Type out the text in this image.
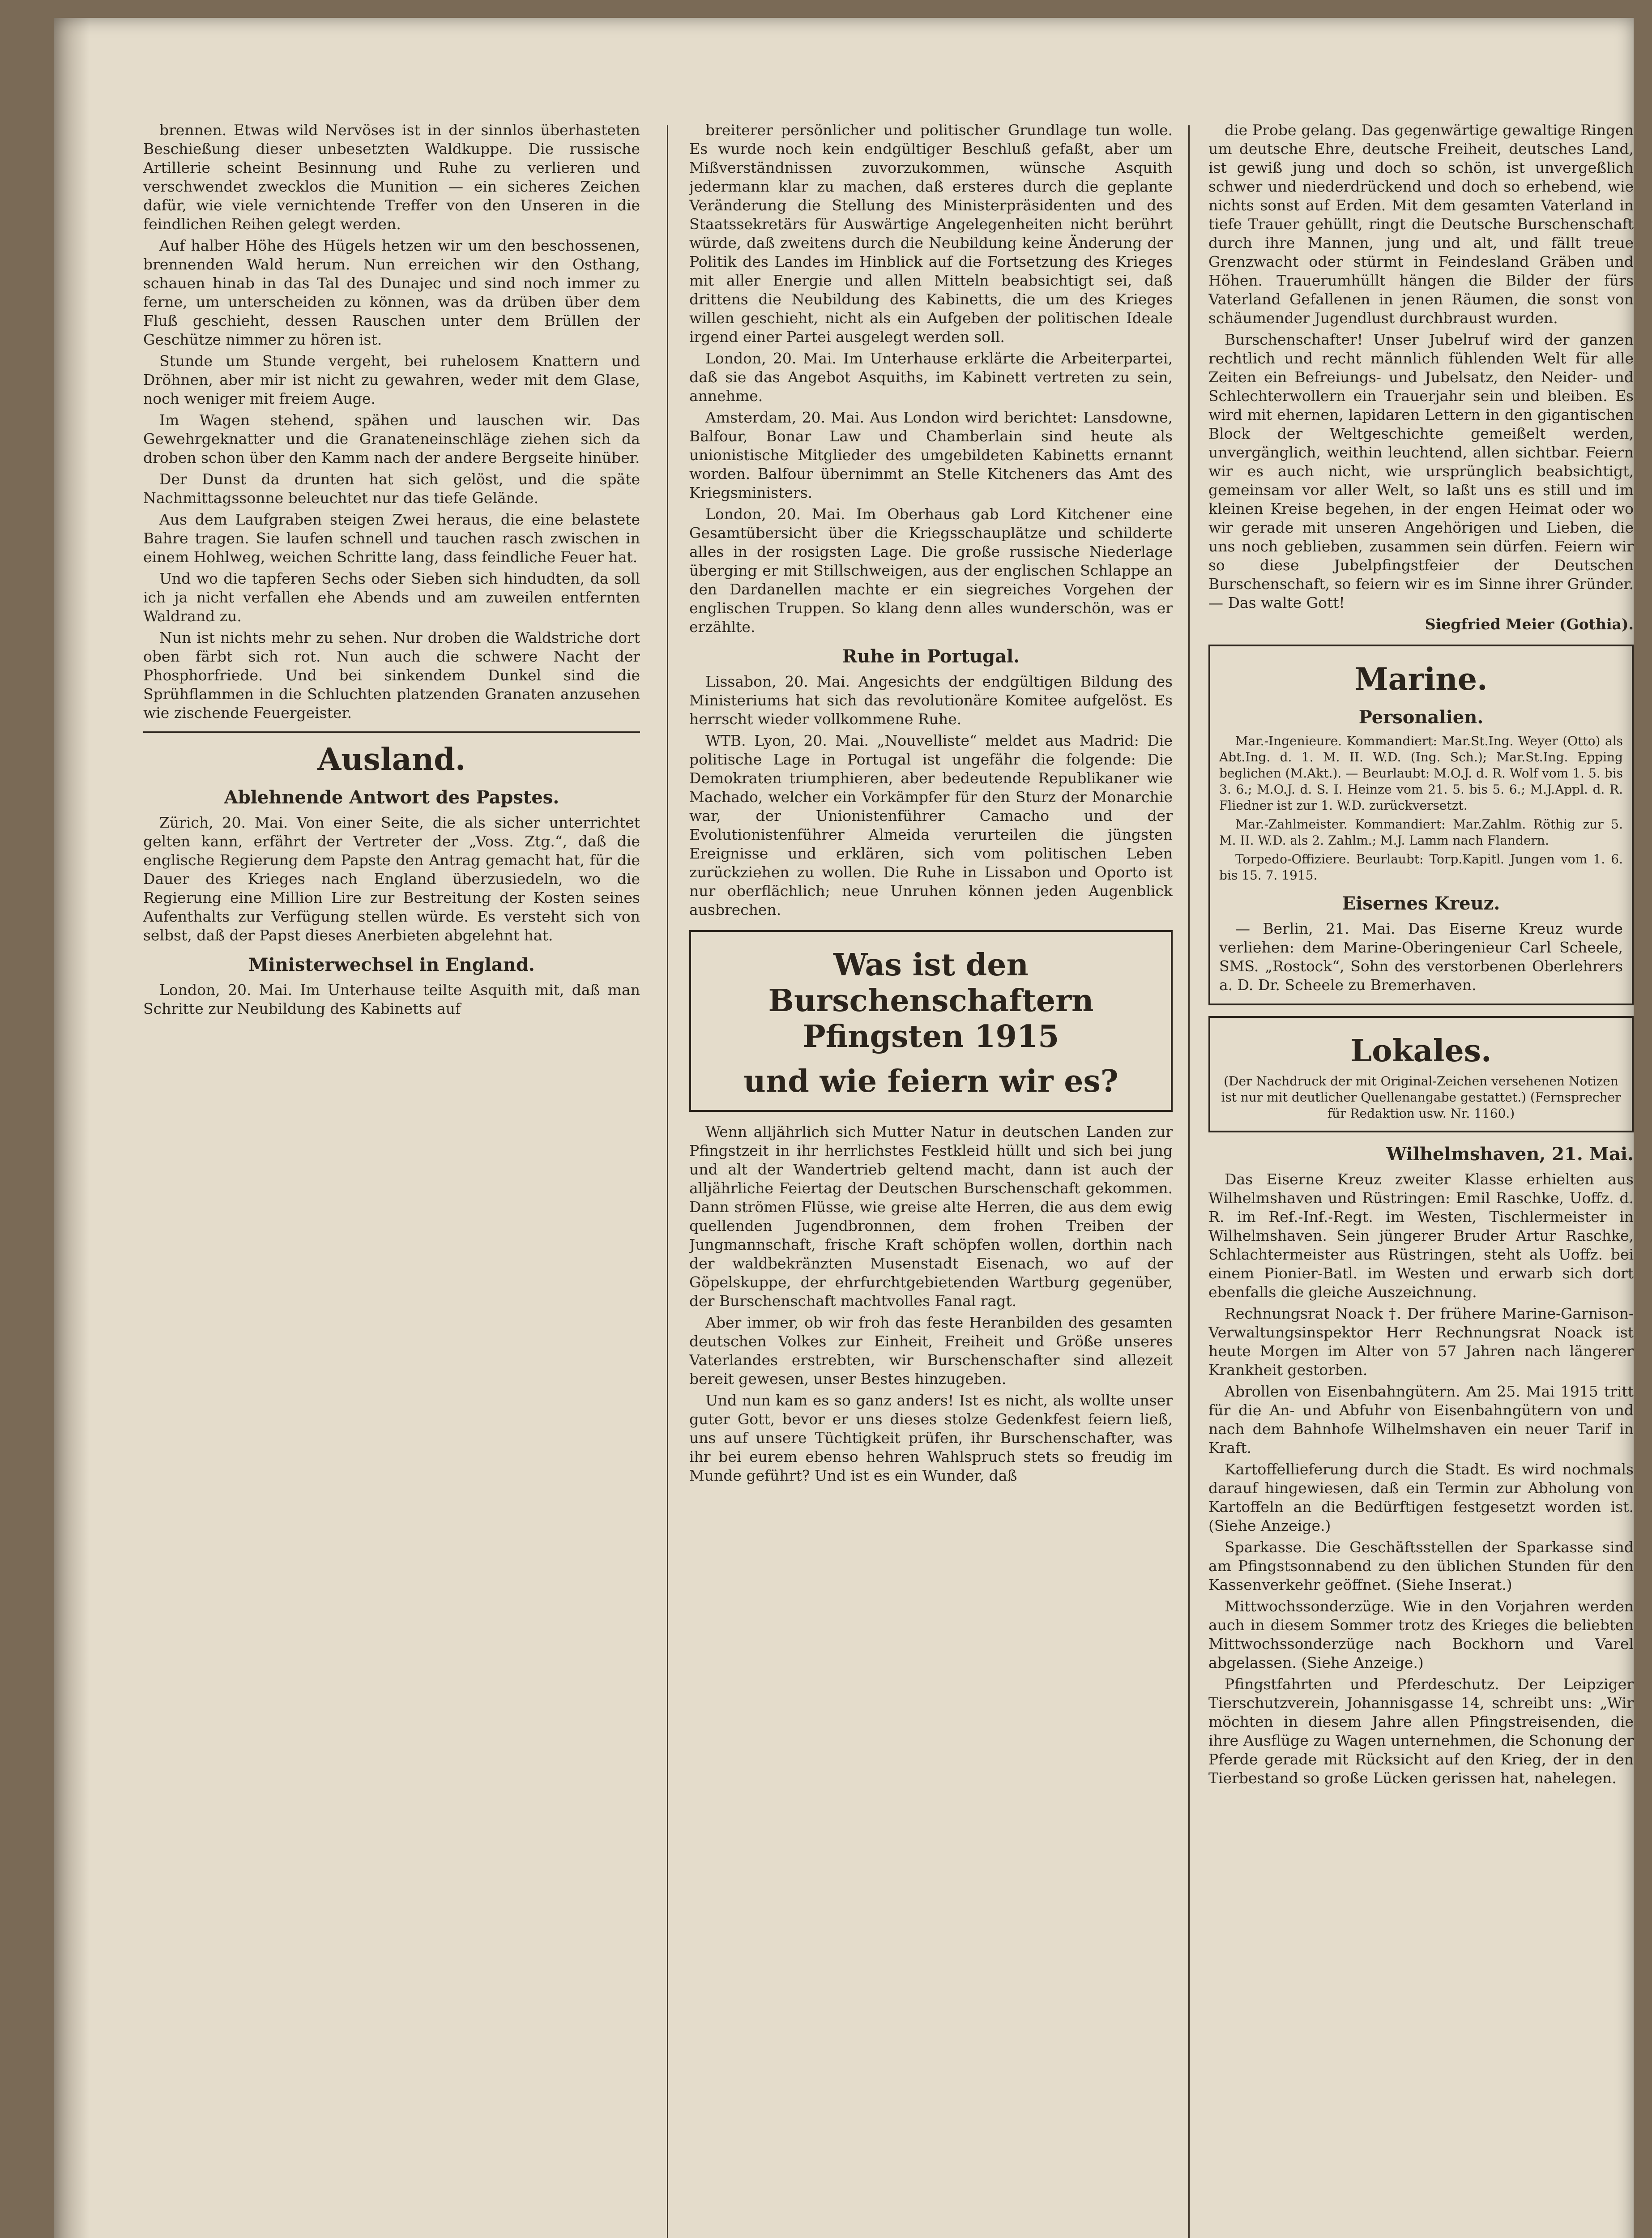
brennen. Etwas wild Nervöses ist in der sinnlos überhasteten Beschießung dieser unbesetzten Waldkuppe. Die russische Artillerie scheint Besinnung und Ruhe zu verlieren und verschwendet zwecklos die Munition — ein sicheres Zeichen dafür, wie viele vernichtende Treffer von den Unseren in die feindlichen Reihen gelegt werden.

Auf halber Höhe des Hügels hetzen wir um den beschossenen, brennenden Wald herum. Nun erreichen wir den Osthang, schauen hinab in das Tal des Dunajec und sind noch immer zu ferne, um unterscheiden zu können, was da drüben über dem Fluß geschieht, dessen Rauschen unter dem Brüllen der Geschütze nimmer zu hören ist.

Stunde um Stunde vergeht, bei ruhelosem Knattern und Dröhnen, aber mir ist nicht zu gewahren, weder mit dem Glase, noch weniger mit freiem Auge.

Im Wagen stehend, spähen und lauschen wir. Das Gewehrgeknatter und die Granateneinschläge ziehen sich da droben schon über den Kamm nach der andere Bergseite hinüber.

Der Dunst da drunten hat sich gelöst, und die späte Nachmittagssonne beleuchtet nur das tiefe Gelände.

Aus dem Laufgraben steigen Zwei heraus, die eine belastete Bahre tragen. Sie laufen schnell und tauchen rasch zwischen in einem Hohlweg, weichen Schritte lang, dass feindliche Feuer hat.

Und wo die tapferen Sechs oder Sieben sich hindudten, da soll ich ja nicht verfallen ehe Abends und am zuweilen entfernten Waldrand zu.

Nun ist nichts mehr zu sehen. Nur droben die Waldstriche dort oben färbt sich rot. Nun auch die schwere Nacht der Phosphorfriede. Und bei sinkendem Dunkel sind die Sprühflammen in die Schluchten platzenden Granaten anzusehen wie zischende Feuergeister.

Ausland.
Ablehnende Antwort des Papstes.

Zürich, 20. Mai. Von einer Seite, die als sicher unterrichtet gelten kann, erfährt der Vertreter der „Voss. Ztg.“, daß die englische Regierung dem Papste den Antrag gemacht hat, für die Dauer des Krieges nach England überzusiedeln, wo die Regierung eine Million Lire zur Bestreitung der Kosten seines Aufenthalts zur Verfügung stellen würde. Es versteht sich von selbst, daß der Papst dieses Anerbieten abgelehnt hat.

Ministerwechsel in England.

London, 20. Mai. Im Unterhause teilte Asquith mit, daß man Schritte zur Neubildung des Kabinetts auf

breiterer persönlicher und politischer Grundlage tun wolle. Es wurde noch kein endgültiger Beschluß gefaßt, aber um Mißverständnissen zuvorzukommen, wünsche Asquith jedermann klar zu machen, daß ersteres durch die geplante Veränderung die Stellung des Ministerpräsidenten und des Staatssekretärs für Auswärtige Angelegenheiten nicht berührt würde, daß zweitens durch die Neubildung keine Änderung der Politik des Landes im Hinblick auf die Fortsetzung des Krieges mit aller Energie und allen Mitteln beabsichtigt sei, daß drittens die Neubildung des Kabinetts, die um des Krieges willen geschieht, nicht als ein Aufgeben der politischen Ideale irgend einer Partei ausgelegt werden soll.

London, 20. Mai. Im Unterhause erklärte die Arbeiterpartei, daß sie das Angebot Asquiths, im Kabinett vertreten zu sein, annehme.

Amsterdam, 20. Mai. Aus London wird berichtet: Lansdowne, Balfour, Bonar Law und Chamberlain sind heute als unionistische Mitglieder des umgebildeten Kabinetts ernannt worden. Balfour übernimmt an Stelle Kitcheners das Amt des Kriegsministers.

London, 20. Mai. Im Oberhaus gab Lord Kitchener eine Gesamtübersicht über die Kriegsschauplätze und schilderte alles in der rosigsten Lage. Die große russische Niederlage überging er mit Stillschweigen, aus der englischen Schlappe an den Dardanellen machte er ein siegreiches Vorgehen der englischen Truppen. So klang denn alles wunderschön, was er erzählte.

Ruhe in Portugal.

Lissabon, 20. Mai. Angesichts der endgültigen Bildung des Ministeriums hat sich das revolutionäre Komitee aufgelöst. Es herrscht wieder vollkommene Ruhe.

WTB. Lyon, 20. Mai. „Nouvelliste“ meldet aus Madrid: Die politische Lage in Portugal ist ungefähr die folgende: Die Demokraten triumphieren, aber bedeutende Republikaner wie Machado, welcher ein Vorkämpfer für den Sturz der Monarchie war, der Unionistenführer Camacho und der Evolutionistenführer Almeida verurteilen die jüngsten Ereignisse und erklären, sich vom politischen Leben zurückziehen zu wollen. Die Ruhe in Lissabon und Oporto ist nur oberflächlich; neue Unruhen können jeden Augenblick ausbrechen.

Was ist den Burschenschaftern Pfingsten 1915
und wie feiern wir es?

Wenn alljährlich sich Mutter Natur in deutschen Landen zur Pfingstzeit in ihr herrlichstes Festkleid hüllt und sich bei jung und alt der Wandertrieb geltend macht, dann ist auch der alljährliche Feiertag der Deutschen Burschenschaft gekommen. Dann strömen Flüsse, wie greise alte Herren, die aus dem ewig quellenden Jugendbronnen, dem frohen Treiben der Jungmannschaft, frische Kraft schöpfen wollen, dorthin nach der waldbekränzten Musenstadt Eisenach, wo auf der Göpelskuppe, der ehrfurchtgebietenden Wartburg gegenüber, der Burschenschaft machtvolles Fanal ragt.

Aber immer, ob wir froh das feste Heranbilden des gesamten deutschen Volkes zur Einheit, Freiheit und Größe unseres Vaterlandes erstrebten, wir Burschenschafter sind allezeit bereit gewesen, unser Bestes hinzugeben.

Und nun kam es so ganz anders! Ist es nicht, als wollte unser guter Gott, bevor er uns dieses stolze Gedenkfest feiern ließ, uns auf unsere Tüchtigkeit prüfen, ihr Burschenschafter, was ihr bei eurem ebenso hehren Wahlspruch stets so freudig im Munde geführt? Und ist es ein Wunder, daß

die Probe gelang. Das gegenwärtige gewaltige Ringen um deutsche Ehre, deutsche Freiheit, deutsches Land, ist gewiß jung und doch so schön, ist unvergeßlich schwer und niederdrückend und doch so erhebend, wie nichts sonst auf Erden. Mit dem gesamten Vaterland in tiefe Trauer gehüllt, ringt die Deutsche Burschenschaft durch ihre Mannen, jung und alt, und fällt treue Grenzwacht oder stürmt in Feindesland Gräben und Höhen. Trauerumhüllt hängen die Bilder der fürs Vaterland Gefallenen in jenen Räumen, die sonst von schäumender Jugendlust durchbraust wurden.

Burschenschafter! Unser Jubelruf wird der ganzen rechtlich und recht männlich fühlenden Welt für alle Zeiten ein Befreiungs- und Jubelsatz, den Neider- und Schlechterwollern ein Trauerjahr sein und bleiben. Es wird mit ehernen, lapidaren Lettern in den gigantischen Block der Weltgeschichte gemeißelt werden, unvergänglich, weithin leuchtend, allen sichtbar. Feiern wir es auch nicht, wie ursprünglich beabsichtigt, gemeinsam vor aller Welt, so laßt uns es still und im kleinen Kreise begehen, in der engen Heimat oder wo wir gerade mit unseren Angehörigen und Lieben, die uns noch geblieben, zusammen sein dürfen. Feiern wir so diese Jubelpfingstfeier der Deutschen Burschenschaft, so feiern wir es im Sinne ihrer Gründer. — Das walte Gott!

Siegfried Meier (Gothia).

Marine.
Personalien.

Mar.-Ingenieure. Kommandiert: Mar.St.Ing. Weyer (Otto) als Abt.Ing. d. 1. M. II. W.D. (Ing. Sch.); Mar.St.Ing. Epping beglichen (M.Akt.). — Beurlaubt: M.O.J. d. R. Wolf vom 1. 5. bis 3. 6.; M.O.J. d. S. I. Heinze vom 21. 5. bis 5. 6.; M.J.Appl. d. R. Fliedner ist zur 1. W.D. zurückversetzt.

Mar.-Zahlmeister. Kommandiert: Mar.Zahlm. Röthig zur 5. M. II. W.D. als 2. Zahlm.; M.J. Lamm nach Flandern.

Torpedo-Offiziere. Beurlaubt: Torp.Kapitl. Jungen vom 1. 6. bis 15. 7. 1915.

Eisernes Kreuz.

— Berlin, 21. Mai. Das Eiserne Kreuz wurde verliehen: dem Marine-Oberingenieur Carl Scheele, SMS. „Rostock“, Sohn des verstorbenen Oberlehrers a. D. Dr. Scheele zu Bremerhaven.

Lokales.

(Der Nachdruck der mit Original-Zeichen versehenen Notizen ist nur mit deutlicher Quellenangabe gestattet.) (Fernsprecher für Redaktion usw. Nr. 1160.)

Wilhelmshaven, 21. Mai.

Das Eiserne Kreuz zweiter Klasse erhielten aus Wilhelmshaven und Rüstringen: Emil Raschke, Uoffz. d. R. im Ref.-Inf.-Regt. im Westen, Tischlermeister in Wilhelmshaven. Sein jüngerer Bruder Artur Raschke, Schlachtermeister aus Rüstringen, steht als Uoffz. bei einem Pionier-Batl. im Westen und erwarb sich dort ebenfalls die gleiche Auszeichnung.

Rechnungsrat Noack †. Der frühere Marine-Garnison-Verwaltungsinspektor Herr Rechnungsrat Noack ist heute Morgen im Alter von 57 Jahren nach längerer Krankheit gestorben.

Abrollen von Eisenbahngütern. Am 25. Mai 1915 tritt für die An- und Abfuhr von Eisenbahngütern von und nach dem Bahnhofe Wilhelmshaven ein neuer Tarif in Kraft.

Kartoffellieferung durch die Stadt. Es wird nochmals darauf hingewiesen, daß ein Termin zur Abholung von Kartoffeln an die Bedürftigen festgesetzt worden ist. (Siehe Anzeige.)

Sparkasse. Die Geschäftsstellen der Sparkasse sind am Pfingstsonnabend zu den üblichen Stunden für den Kassenverkehr geöffnet. (Siehe Inserat.)

Mittwochssonderzüge. Wie in den Vorjahren werden auch in diesem Sommer trotz des Krieges die beliebten Mittwochssonderzüge nach Bockhorn und Varel abgelassen. (Siehe Anzeige.)

Pfingstfahrten und Pferdeschutz. Der Leipziger Tierschutzverein, Johannisgasse 14, schreibt uns: „Wir möchten in diesem Jahre allen Pfingstreisenden, die ihre Ausflüge zu Wagen unternehmen, die Schonung der Pferde gerade mit Rücksicht auf den Krieg, der in den Tierbestand so große Lücken gerissen hat, nahelegen.
